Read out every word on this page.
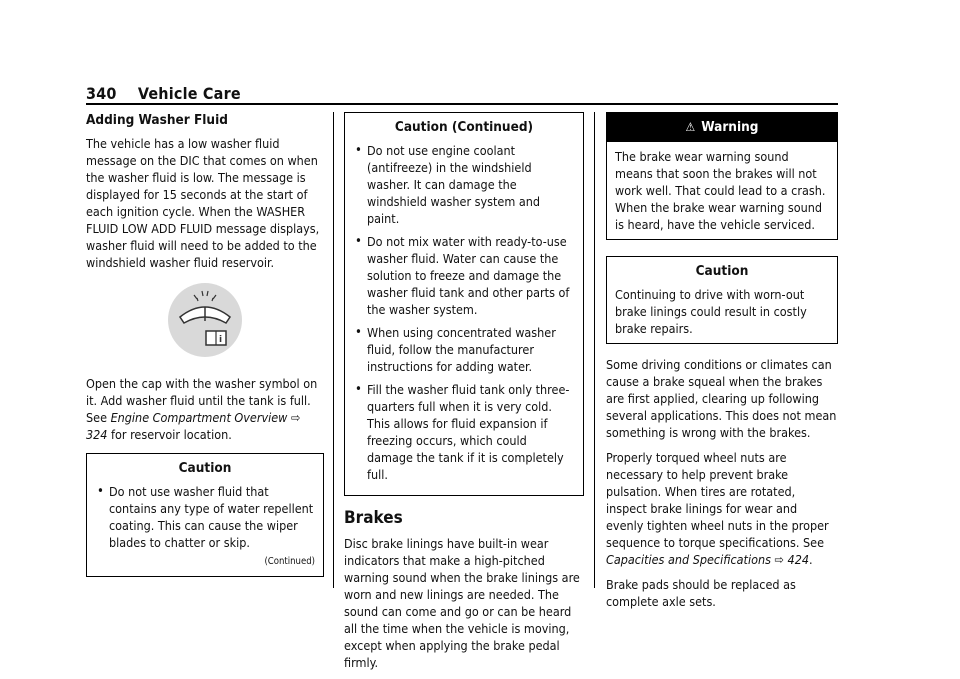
340 Vehicle Care
Adding Washer Fluid

The vehicle has a low washer fluid message on the DIC that comes on when the washer fluid is low. The message is displayed for 15 seconds at the start of each ignition cycle. When the WASHER FLUID LOW ADD FLUID message displays, washer fluid will need to be added to the windshield washer fluid reservoir.

i

Open the cap with the washer symbol on it. Add washer fluid until the tank is full. See Engine Compartment Overview ⇨ 324 for reservoir location.

Caution
• Do not use washer fluid that contains any type of water repellent coating. This can cause the wiper blades to chatter or skip.
(Continued)
Caution (Continued)
• Do not use engine coolant (antifreeze) in the windshield washer. It can damage the windshield washer system and paint.
• Do not mix water with ready-to-use washer fluid. Water can cause the solution to freeze and damage the washer fluid tank and other parts of the washer system.
• When using concentrated washer fluid, follow the manufacturer instructions for adding water.
• Fill the washer fluid tank only three-quarters full when it is very cold. This allows for fluid expansion if freezing occurs, which could damage the tank if it is completely full.
Brakes

Disc brake linings have built-in wear indicators that make a high-pitched warning sound when the brake linings are worn and new linings are needed. The sound can come and go or can be heard all the time when the vehicle is moving, except when applying the brake pedal firmly.

⚠ Warning

The brake wear warning sound means that soon the brakes will not work well. That could lead to a crash. When the brake wear warning sound is heard, have the vehicle serviced.

Caution

Continuing to drive with worn-out brake linings could result in costly brake repairs.

Some driving conditions or climates can cause a brake squeal when the brakes are first applied, clearing up following several applications. This does not mean something is wrong with the brakes.

Properly torqued wheel nuts are necessary to help prevent brake pulsation. When tires are rotated, inspect brake linings for wear and evenly tighten wheel nuts in the proper sequence to torque specifications. See Capacities and Specifications ⇨ 424.

Brake pads should be replaced as complete axle sets.
